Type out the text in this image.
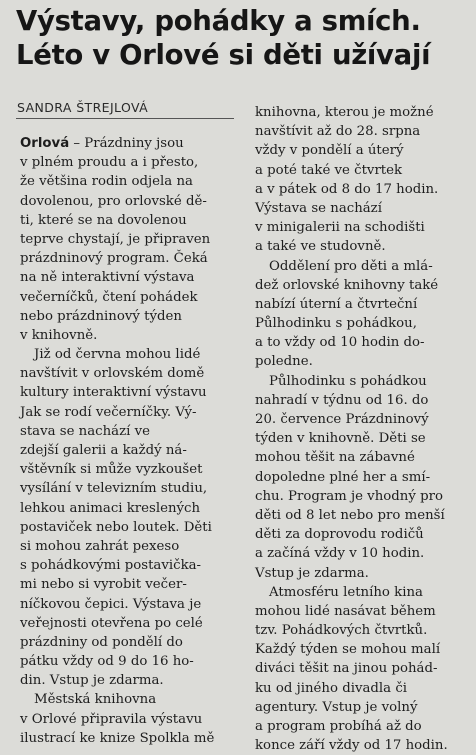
Výstavy, pohádky a smích.
Léto v Orlové si děti užívají
SANDRA ŠTREJLOVÁ
Orlová – Prázdniny jsou
v plném proudu a i přesto,
že většina rodin odjela na
dovolenou, pro orlovské dě-
ti, které se na dovolenou
teprve chystají, je připraven
prázdninový program. Čeká
na ně interaktivní výstava
večerníčků, čtení pohádek
nebo prázdninový týden
v knihovně.
Již od června mohou lidé
navštívit v orlovském domě
kultury interaktivní výstavu
Jak se rodí večerníčky. Vý-
stava se nachází ve
zdejší galerii a každý ná-
vštěvník si může vyzkoušet
vysílání v televizním studiu,
lehkou animaci kreslených
postaviček nebo loutek. Děti
si mohou zahrát pexeso
s pohádkovými postavička-
mi nebo si vyrobit večer-
níčkovou čepici. Výstava je
veřejnosti otevřena po celé
prázdniny od pondělí do
pátku vždy od 9 do 16 ho-
din. Vstup je zdarma.
Městská knihovna
v Orlové připravila výstavu
ilustrací ke knize Spolkla mě
knihovna, kterou je možné
navštívit až do 28. srpna
vždy v pondělí a úterý
a poté také ve čtvrtek
a v pátek od 8 do 17 hodin.
Výstava se nachází
v minigalerii na schodišti
a také ve studovně.
Oddělení pro děti a mlá-
dež orlovské knihovny také
nabízí úterní a čtvrteční
Půlhodinku s pohádkou,
a to vždy od 10 hodin do-
poledne.
Půlhodinku s pohádkou
nahradí v týdnu od 16. do
20. července Prázdninový
týden v knihovně. Děti se
mohou těšit na zábavné
dopoledne plné her a smí-
chu. Program je vhodný pro
děti od 8 let nebo pro menší
děti za doprovodu rodičů
a začíná vždy v 10 hodin.
Vstup je zdarma.
Atmosféru letního kina
mohou lidé nasávat během
tzv. Pohádkových čtvrtků.
Každý týden se mohou malí
diváci těšit na jinou pohád-
ku od jiného divadla či
agentury. Vstup je volný
a program probíhá až do
konce září vždy od 17 hodin.
